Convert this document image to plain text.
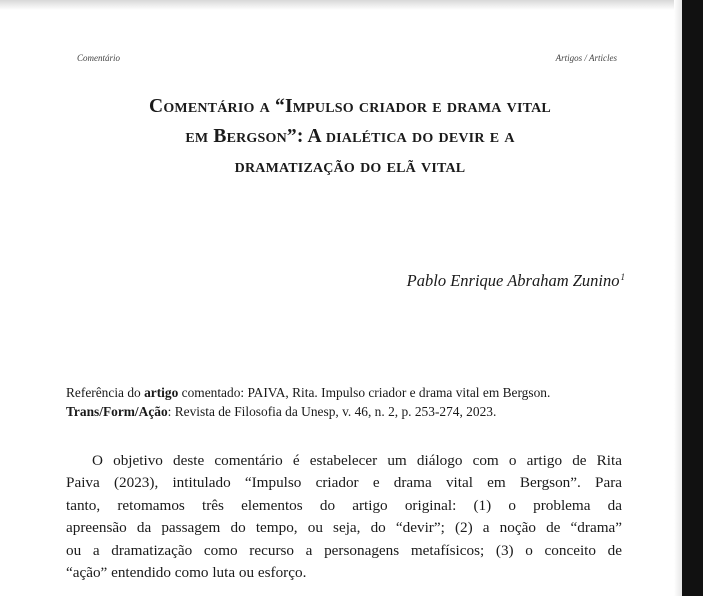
Comentário	Artigos / Articles
Comentário a “Impulso criador e drama vital
em Bergson”: A dialética do devir e a
dramatização do elã vital
Pablo Enrique Abraham Zunino$^1$
Referência do artigo comentado: PAIVA, Rita. Impulso criador e drama vital em Bergson.
Trans/Form/Ação: Revista de Filosofia da Unesp, v. 46, n. 2, p. 253-274, 2023.

O objetivo deste comentário é estabelecer um diálogo com o artigo de Rita
Paiva (2023), intitulado “Impulso criador e drama vital em Bergson”. Para
tanto, retomamos três elementos do artigo original: (1) o problema da
apreensão da passagem do tempo, ou seja, do “devir”; (2) a noção de “drama”
ou a dramatização como recurso a personagens metafísicos; (3) o conceito de
“ação” entendido como luta ou esforço.
